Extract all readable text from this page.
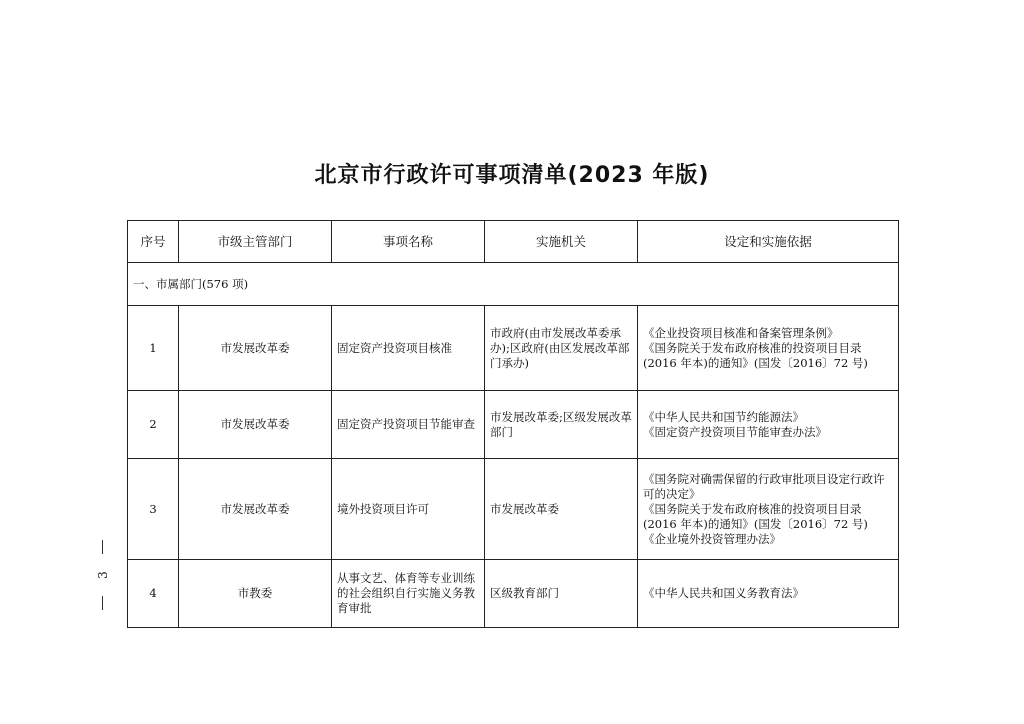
北京市行政许可事项清单(2023 年版)
序号	市级主管部门	事项名称	实施机关	设定和实施依据
一、市属部门(576 项)				
1	市发展改革委	固定资产投资项目核准	市政府(由市发展改革委承办);区政府(由区发展改革部门承办)	《企业投资项目核准和备案管理条例》
《国务院关于发布政府核准的投资项目目录(2016 年本)的通知》(国发〔2016〕72 号)

2	市发展改革委	固定资产投资项目节能审查	市发展改革委;区级发展改革部门	《中华人民共和国节约能源法》
《固定资产投资项目节能审查办法》

3	市发展改革委	境外投资项目许可	市发展改革委	《国务院对确需保留的行政审批项目设定行政许可的决定》
《国务院关于发布政府核准的投资项目目录(2016 年本)的通知》(国发〔2016〕72 号)
《企业境外投资管理办法》

4	市教委	从事文艺、体育等专业训练的社会组织自行实施义务教育审批	区级教育部门	《中华人民共和国义务教育法》
3
